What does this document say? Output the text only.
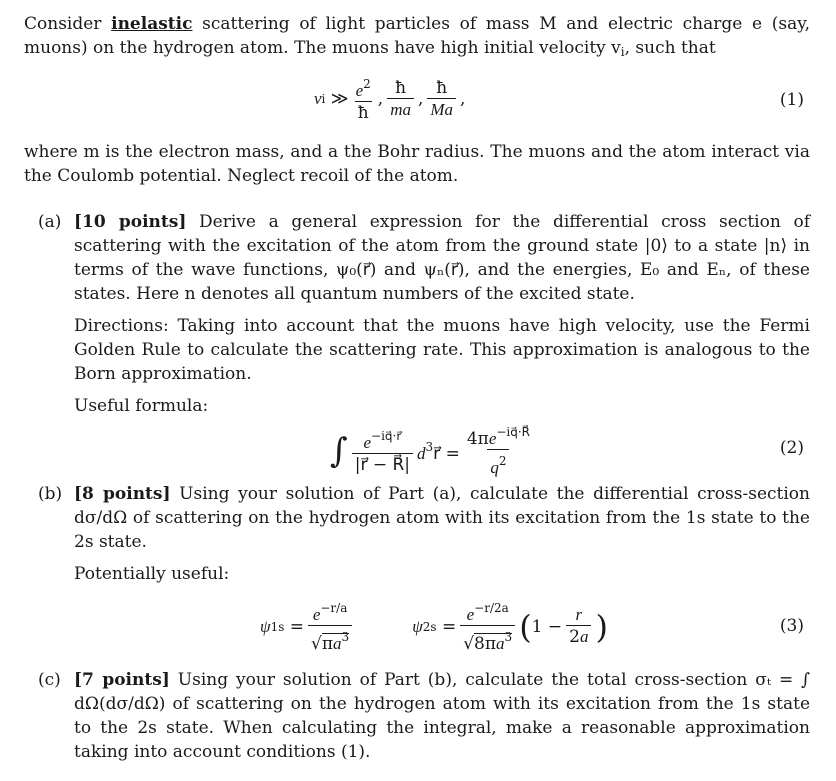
Consider inelastic scattering of light particles of mass M and electric charge e (say, muons) on the hydrogen atom. The muons have high initial velocity $v_i$, such that

v i ≫ $\frac{e^2}{ħ}$ , $\frac{ħ}{ma}$ , $\frac{ħ}{Ma}$ ,	(1)

where m is the electron mass, and a the Bohr radius. The muons and the atom interact via the Coulomb potential. Neglect recoil of the atom.

(a) [10 points] Derive a general expression for the differential cross section of scattering with the excitation of the atom from the ground state |0⟩ to a state |n⟩ in terms of the wave functions, ψ₀(r⃗) and ψₙ(r⃗), and the energies, E₀ and Eₙ, of these states. Here n denotes all quantum numbers of the excited state.

Directions: Taking into account that the muons have high velocity, use the Fermi Golden Rule to calculate the scattering rate. This approximation is analogous to the Born approximation.

Useful formula:

∫ $\frac{e^{-iq⃗\cdot r⃗}}{|r⃗ - R⃗|}$ $d^3r⃗ = \frac{4\pi e^{-iq⃗\cdot R⃗}}{q^2}$	(2)
(b) [8 points] Using your solution of Part (a), calculate the differential cross-section dσ/dΩ of scattering on the hydrogen atom with its excitation from the 1s state to the 2s state.

Potentially useful:

ψ $1s = \frac{e^{-r/a}}{√\pi a^3}$	ψ $2s = \frac{e^{-r/2a}}{√8\pi a^3}$ ( $1 - \frac{r}{2a}$ )	(3)
(c) [7 points] Using your solution of Part (b), calculate the total cross-section σₜ = ∫ dΩ(dσ/dΩ) of scattering on the hydrogen atom with its excitation from the 1s state to the 2s state. When calculating the integral, make a reasonable approximation taking into account conditions (1).
